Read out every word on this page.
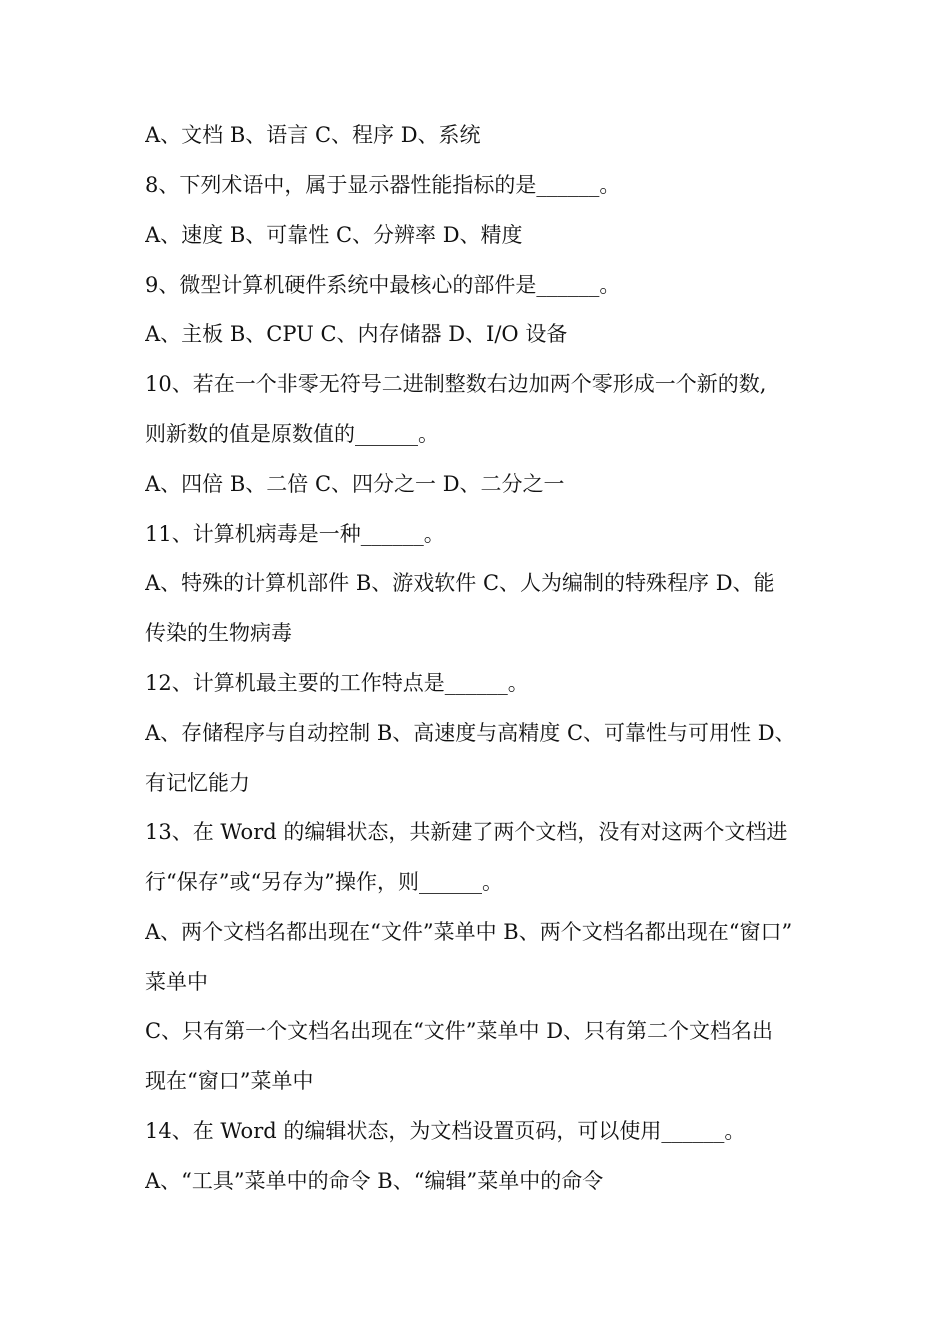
A、文档 B、语言 C、程序 D、系统
8、下列术语中，属于显示器性能指标的是______。
A、速度 B、可靠性 C、分辨率 D、精度
9、微型计算机硬件系统中最核心的部件是______。
A、主板 B、CPU C、内存储器 D、I/O 设备
10、若在一个非零无符号二进制整数右边加两个零形成一个新的数,
则新数的值是原数值的______。
A、四倍 B、二倍 C、四分之一 D、二分之一
11、计算机病毒是一种______。
A、特殊的计算机部件 B、游戏软件 C、人为编制的特殊程序 D、能
传染的生物病毒
12、计算机最主要的工作特点是______。
A、存储程序与自动控制 B、高速度与高精度 C、可靠性与可用性 D、
有记忆能力
13、在 Word 的编辑状态，共新建了两个文档，没有对这两个文档进
行“保存”或“另存为”操作，则______。
A、两个文档名都出现在“文件”菜单中 B、两个文档名都出现在“窗口”
菜单中
C、只有第一个文档名出现在“文件”菜单中 D、只有第二个文档名出
现在“窗口”菜单中
14、在 Word 的编辑状态，为文档设置页码，可以使用______。
A、“工具”菜单中的命令 B、“编辑”菜单中的命令
